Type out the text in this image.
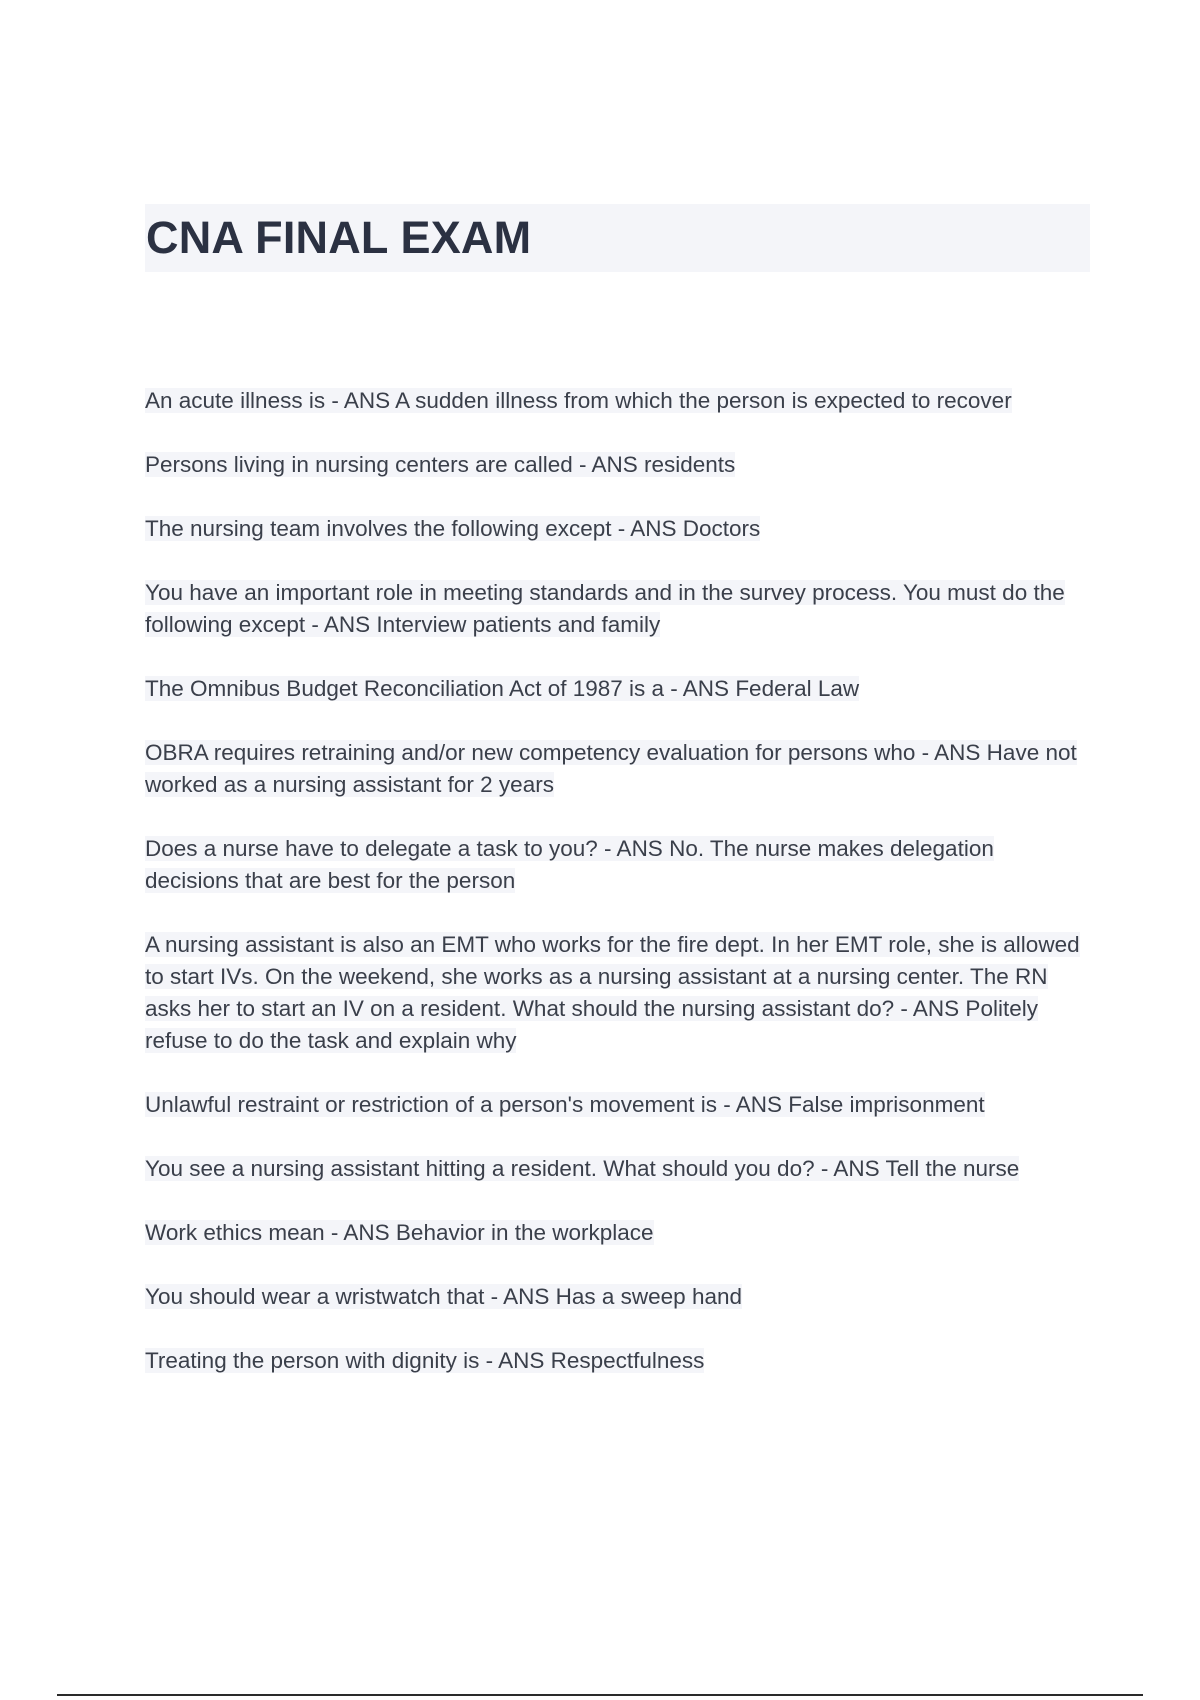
CNA FINAL EXAM
An acute illness is - ANS A sudden illness from which the person is expected to recover
Persons living in nursing centers are called - ANS residents
The nursing team involves the following except - ANS Doctors
You have an important role in meeting standards and in the survey process. You must do the following except - ANS Interview patients and family
The Omnibus Budget Reconciliation Act of 1987 is a - ANS Federal Law
OBRA requires retraining and/or new competency evaluation for persons who - ANS Have not worked as a nursing assistant for 2 years
Does a nurse have to delegate a task to you? - ANS No. The nurse makes delegation decisions that are best for the person
A nursing assistant is also an EMT who works for the fire dept. In her EMT role, she is allowed to start IVs. On the weekend, she works as a nursing assistant at a nursing center. The RN asks her to start an IV on a resident. What should the nursing assistant do? - ANS Politely refuse to do the task and explain why
Unlawful restraint or restriction of a person's movement is - ANS False imprisonment
You see a nursing assistant hitting a resident. What should you do? - ANS Tell the nurse
Work ethics mean - ANS Behavior in the workplace
You should wear a wristwatch that - ANS Has a sweep hand
Treating the person with dignity is - ANS Respectfulness
